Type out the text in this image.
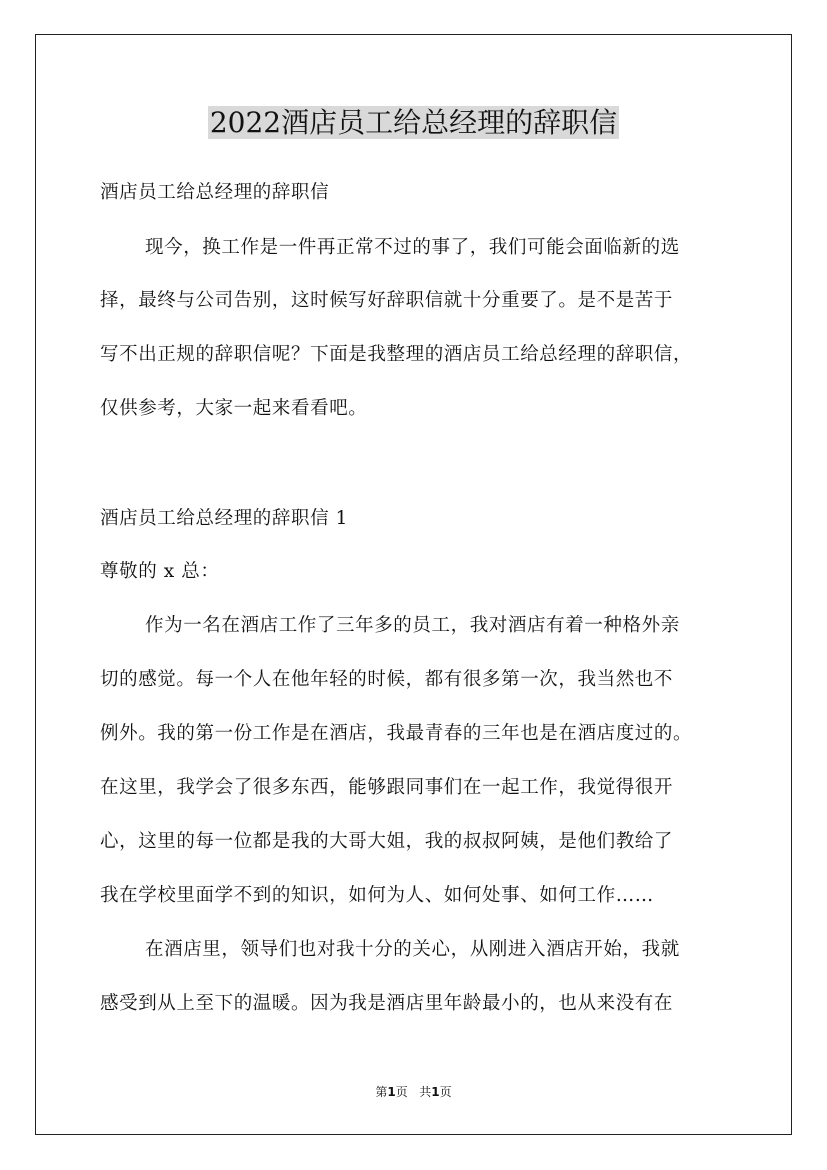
2022酒店员工给总经理的辞职信
酒店员工给总经理的辞职信
现今，换工作是一件再正常不过的事了，我们可能会面临新的选
择，最终与公司告别，这时候写好辞职信就十分重要了。是不是苦于
写不出正规的辞职信呢？下面是我整理的酒店员工给总经理的辞职信，
仅供参考，大家一起来看看吧。
酒店员工给总经理的辞职信 1
尊敬的 x 总：
作为一名在酒店工作了三年多的员工，我对酒店有着一种格外亲
切的感觉。每一个人在他年轻的时候，都有很多第一次，我当然也不
例外。我的第一份工作是在酒店，我最青春的三年也是在酒店度过的。
在这里，我学会了很多东西，能够跟同事们在一起工作，我觉得很开
心，这里的每一位都是我的大哥大姐，我的叔叔阿姨，是他们教给了
我在学校里面学不到的知识，如何为人、如何处事、如何工作……
在酒店里，领导们也对我十分的关心，从刚进入酒店开始，我就
感受到从上至下的温暖。因为我是酒店里年龄最小的，也从来没有在
第1页 共1页
